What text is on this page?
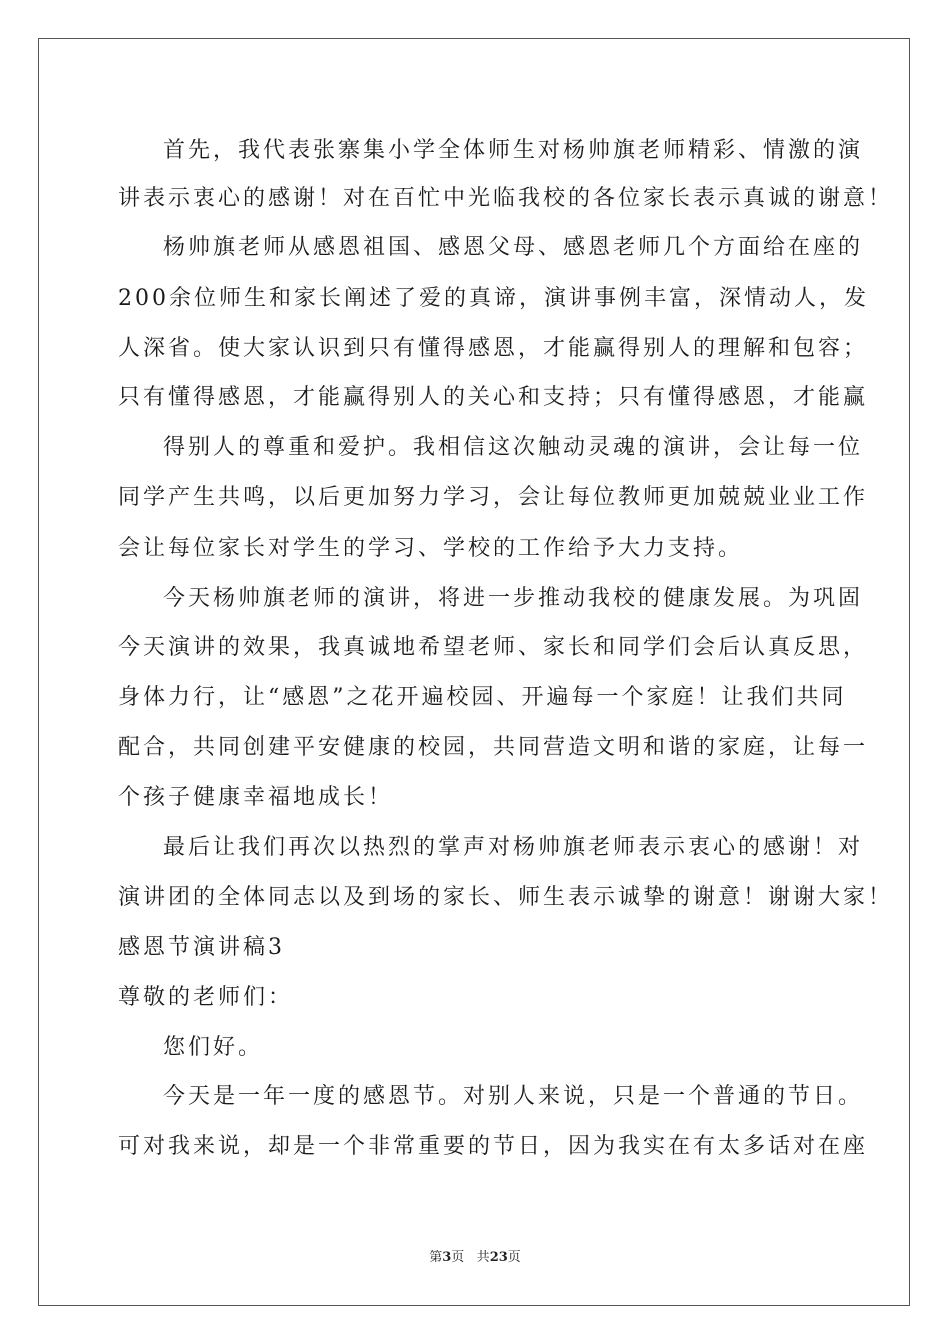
首先，我代表张寨集小学全体师生对杨帅旗老师精彩、情激的演
讲表示衷心的感谢！对在百忙中光临我校的各位家长表示真诚的谢意！
杨帅旗老师从感恩祖国、感恩父母、感恩老师几个方面给在座的
200余位师生和家长阐述了爱的真谛，演讲事例丰富，深情动人，发
人深省。使大家认识到只有懂得感恩，才能赢得别人的理解和包容；
只有懂得感恩，才能赢得别人的关心和支持；只有懂得感恩，才能赢
得别人的尊重和爱护。我相信这次触动灵魂的演讲，会让每一位
同学产生共鸣，以后更加努力学习，会让每位教师更加兢兢业业工作
会让每位家长对学生的学习、学校的工作给予大力支持。
今天杨帅旗老师的演讲，将进一步推动我校的健康发展。为巩固
今天演讲的效果，我真诚地希望老师、家长和同学们会后认真反思，
身体力行，让“感恩”之花开遍校园、开遍每一个家庭！让我们共同
配合，共同创建平安健康的校园，共同营造文明和谐的家庭，让每一
个孩子健康幸福地成长！
最后让我们再次以热烈的掌声对杨帅旗老师表示衷心的感谢！对
演讲团的全体同志以及到场的家长、师生表示诚挚的谢意！谢谢大家！
感恩节演讲稿3
尊敬的老师们：
您们好。
今天是一年一度的感恩节。对别人来说，只是一个普通的节日。
可对我来说，却是一个非常重要的节日，因为我实在有太多话对在座
第3页 共23页
